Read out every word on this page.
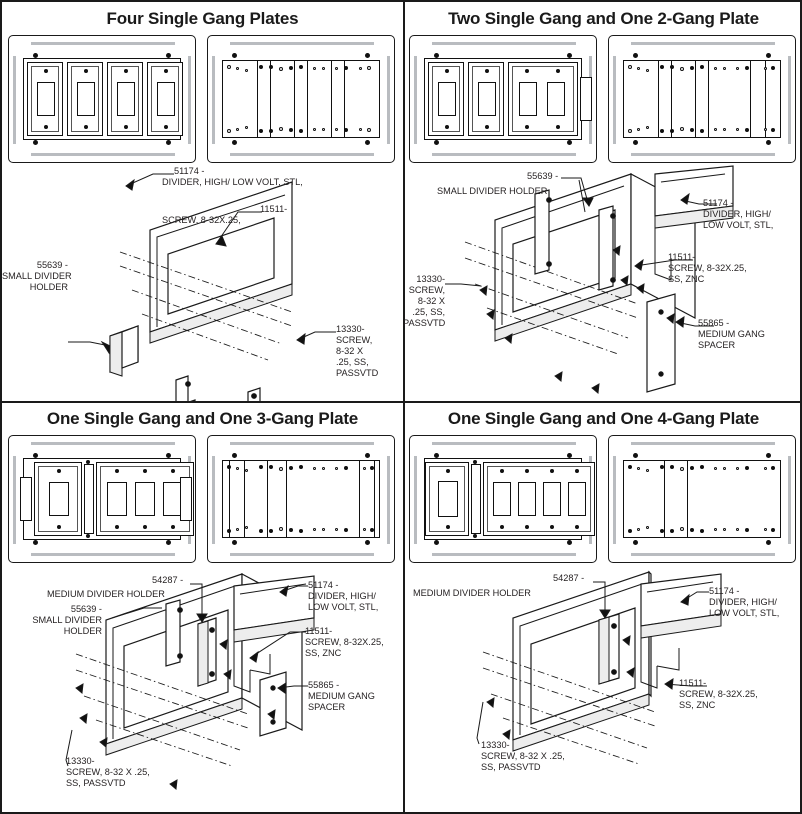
Four Single Gang Plates
51174 -
DIVIDER, HIGH/ LOW VOLT, STL,
11511-
SCREW, 8-32X.25,
13330-
SCREW,
8-32 X
.25, SS,
PASSVTD
55639 -
SMALL DIVIDER
HOLDER
Two Single Gang and One 2-Gang Plate
55639 -
SMALL DIVIDER HOLDER
51174 -
DIVIDER, HIGH/
LOW VOLT, STL,
11511-
SCREW, 8-32X.25,
SS, ZNC
55865 -
MEDIUM GANG
SPACER
13330-
SCREW,
8-32 X
.25, SS,
PASSVTD
One Single Gang and One 3-Gang Plate
54287 -
MEDIUM DIVIDER HOLDER
55639 -
SMALL DIVIDER
HOLDER
51174 -
DIVIDER, HIGH/
LOW VOLT, STL,
11511-
SCREW, 8-32X.25,
SS, ZNC
55865 -
MEDIUM GANG
SPACER
13330-
SCREW, 8-32 X .25,
SS, PASSVTD
One Single Gang and One 4-Gang Plate
54287 -
MEDIUM DIVIDER HOLDER	51174 -
DIVIDER, HIGH/
LOW VOLT, STL,
11511-
SCREW, 8-32X.25,
SS, ZNC
13330-
SCREW, 8-32 X .25,
SS, PASSVTD
